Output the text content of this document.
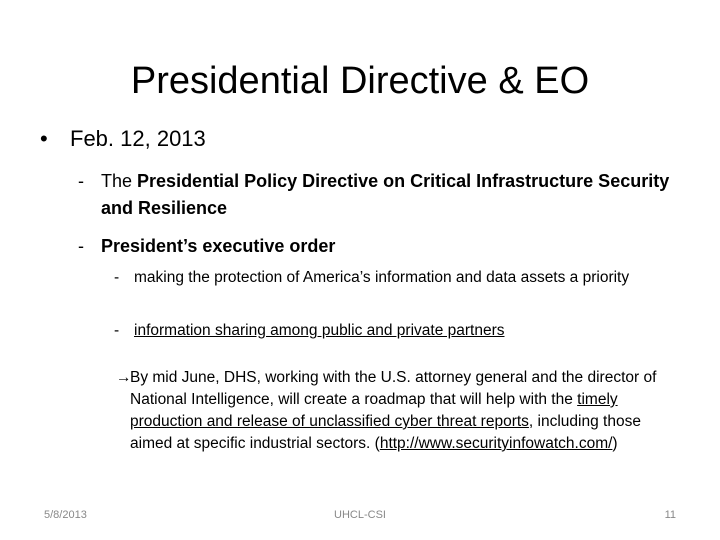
Presidential Directive & EO
• Feb. 12, 2013
- The Presidential Policy Directive on Critical Infrastructure Security and Resilience
- President’s executive order
- making the protection of America’s information and data assets a priority
- information sharing among public and private partners
→
By mid June, DHS, working with the U.S. attorney general and the director of National Intelligence, will create a roadmap that will help with the timely production and release of unclassified cyber threat reports, including those aimed at specific industrial sectors. (http://www.securityinfowatch.com/)
5/8/2013	UHCL-CSI	11
